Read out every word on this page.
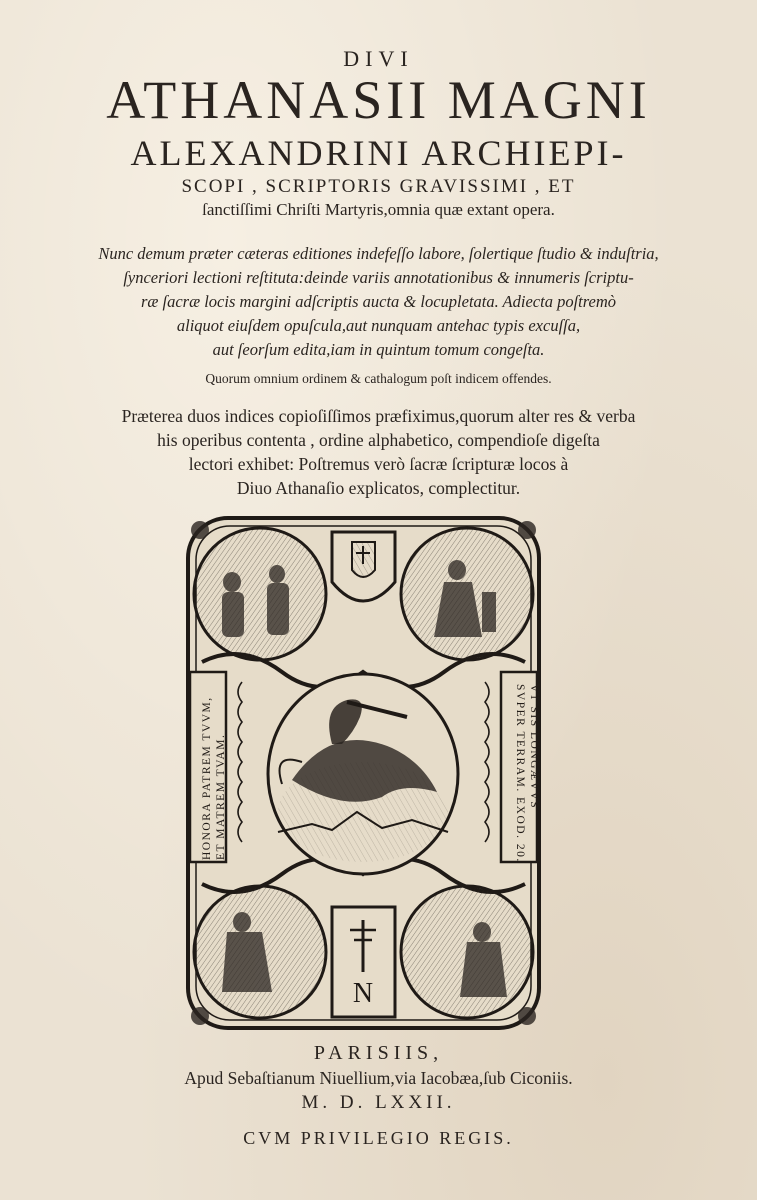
DIVI
ATHANASII MAGNI
ALEXANDRINI ARCHIEPI-
SCOPI , SCRIPTORIS GRAVISSIMI , ET
ſanctiſſimi Chriſti Martyris,omnia quæ extant opera.
Nunc demum præter cæteras editiones indefeſſo labore, ſolertique ſtudio & induſtria,
ſynceriori lectioni reſtituta:deinde variis annotationibus & innumeris ſcriptu-
ræ ſacræ locis margini adſcriptis aucta & locupletata. Adiecta poſtremò
aliquot eiuſdem opuſcula,aut nunquam antehac typis excuſſa,
aut ſeorſum edita,iam in quintum tomum congeſta.
Quorum omnium ordinem & cathalogum poſt indicem offendes.
Præterea duos indices copioſiſſimos præfiximus,quorum alter res & verba
his operibus contenta , ordine alphabetico, compendioſe digeſta
lectori exhibet: Poſtremus verò ſacræ ſcripturæ locos à
Diuo Athanaſio explicatos, complectitur.
N
HONORA PATREM TVVM, ET MATREM TVAM.	VT SIS LONGÆVVS
SVPER TERRAM. EXOD. 20.
PARISIIS,
Apud Sebaſtianum Niuellium,via Iacobæa,ſub Ciconiis.
M. D. LXXII.
CVM PRIVILEGIO REGIS.
